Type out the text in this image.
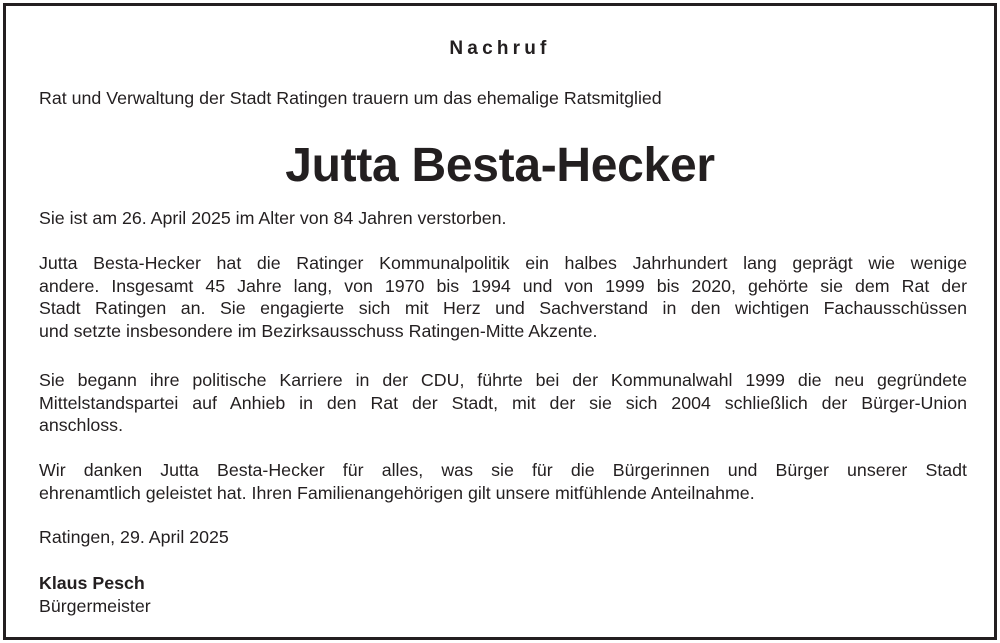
Nachruf
Rat und Verwaltung der Stadt Ratingen trauern um das ehemalige Ratsmitglied
Jutta Besta-Hecker

Sie ist am 26. April 2025 im Alter von 84 Jahren verstorben.

Jutta Besta-Hecker hat die Ratinger Kommunalpolitik ein halbes Jahrhundert lang geprägt wie wenige
andere. Insgesamt 45 Jahre lang, von 1970 bis 1994 und von 1999 bis 2020, gehörte sie dem Rat der
Stadt Ratingen an. Sie engagierte sich mit Herz und Sachverstand in den wichtigen Fachausschüssen
und setzte insbesondere im Bezirksausschuss Ratingen-Mitte Akzente.

Sie begann ihre politische Karriere in der CDU, führte bei der Kommunalwahl 1999 die neu gegründete
Mittelstandspartei auf Anhieb in den Rat der Stadt, mit der sie sich 2004 schließlich der Bürger-Union
anschloss.

Wir danken Jutta Besta-Hecker für alles, was sie für die Bürgerinnen und Bürger unserer Stadt
ehrenamtlich geleistet hat. Ihren Familienangehörigen gilt unsere mitfühlende Anteilnahme.

Ratingen, 29. April 2025
Klaus Pesch
Bürgermeister
